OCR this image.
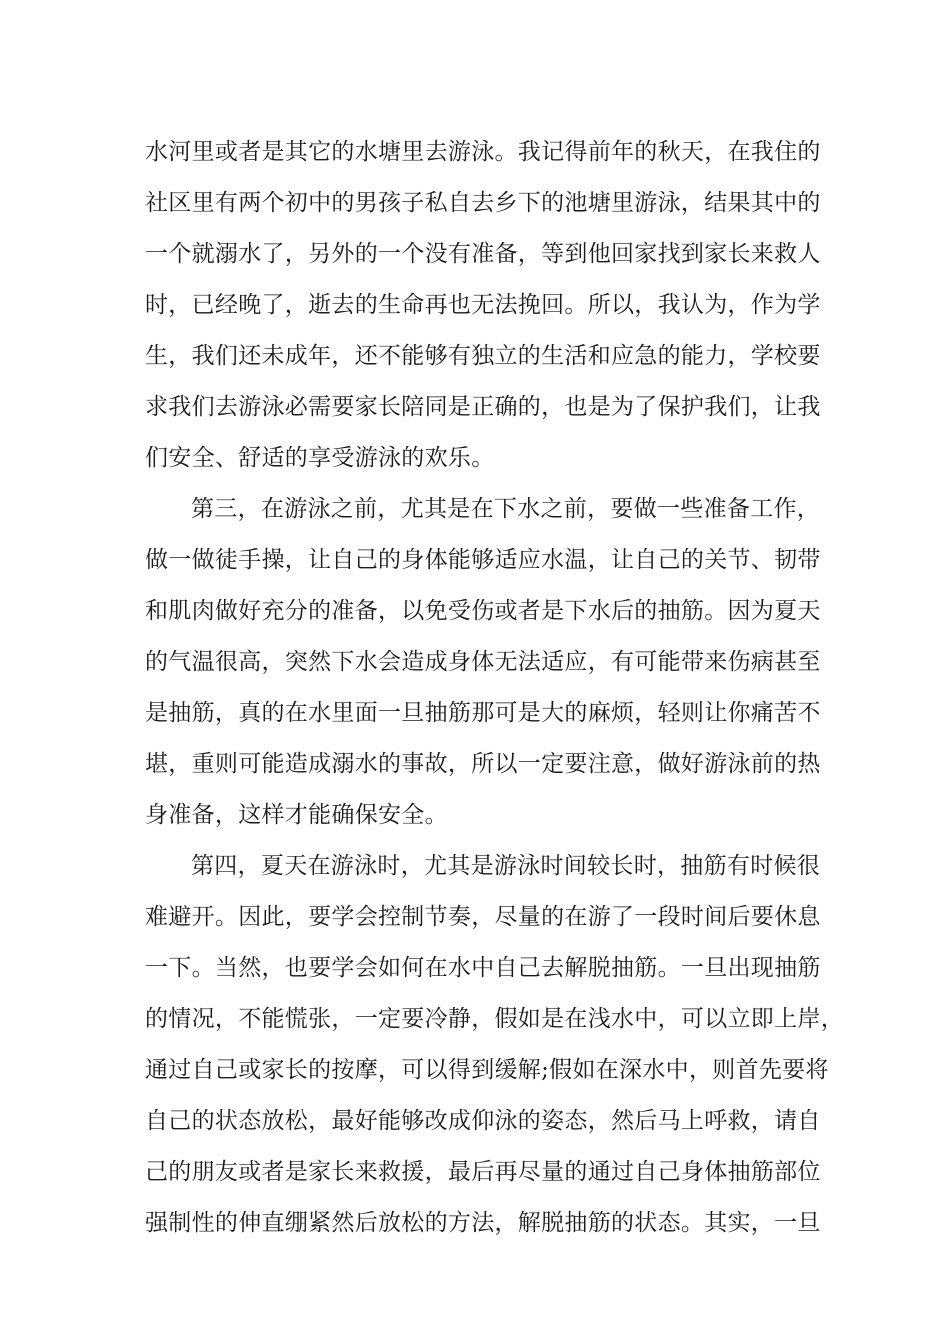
水河里或者是其它的水塘里去游泳。我记得前年的秋天，在我住的
社区里有两个初中的男孩子私自去乡下的池塘里游泳，结果其中的
一个就溺水了，另外的一个没有准备，等到他回家找到家长来救人
时，已经晚了，逝去的生命再也无法挽回。所以，我认为，作为学
生，我们还未成年，还不能够有独立的生活和应急的能力，学校要
求我们去游泳必需要家长陪同是正确的，也是为了保护我们，让我
们安全、舒适的享受游泳的欢乐。
第三，在游泳之前，尤其是在下水之前，要做一些准备工作，
做一做徒手操，让自己的身体能够适应水温，让自己的关节、韧带
和肌肉做好充分的准备，以免受伤或者是下水后的抽筋。因为夏天
的气温很高，突然下水会造成身体无法适应，有可能带来伤病甚至
是抽筋，真的在水里面一旦抽筋那可是大的麻烦，轻则让你痛苦不
堪，重则可能造成溺水的事故，所以一定要注意，做好游泳前的热
身准备，这样才能确保安全。
第四，夏天在游泳时，尤其是游泳时间较长时，抽筋有时候很
难避开。因此，要学会控制节奏，尽量的在游了一段时间后要休息
一下。当然，也要学会如何在水中自己去解脱抽筋。一旦出现抽筋
的情况，不能慌张，一定要冷静，假如是在浅水中，可以立即上岸，
通过自己或家长的按摩，可以得到缓解;假如在深水中，则首先要将
自己的状态放松，最好能够改成仰泳的姿态，然后马上呼救，请自
己的朋友或者是家长来救援，最后再尽量的通过自己身体抽筋部位
强制性的伸直绷紧然后放松的方法，解脱抽筋的状态。其实，一旦
